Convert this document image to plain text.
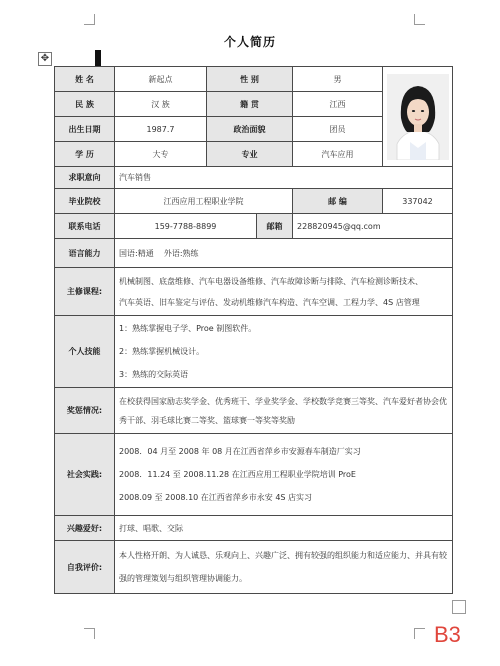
✥
个人简历
姓 名	新起点	性 别		男	

民 族	汉 族	籍 贯		江西	
出生日期	1987.7	政治面貌		团员	
学 历	大专	专业		汽车应用	
求职意向	汽车销售				
毕业院校	江西应用工程职业学院			邮 编	337042
联系电话	159-7788-8899		邮箱	228820945@qq.com	
语言能力	国语:精通    外语:熟练				
主修课程:	机械制图、底盘维修、汽车电器设备维修、汽车故障诊断与排除、汽车检测诊断技术、
汽车英语、旧车鉴定与评估、发动机维修汽车构造、汽车空调、工程力学、4S 店管理				

个人技能	1：熟练掌握电子学、Proe 制图软件。
2：熟练掌握机械设计。
3：熟练的交际英语				

奖惩情况:	在校获得国家励志奖学金、优秀班干、学业奖学金、学校数学竞赛三等奖、汽车爱好者协会优
秀干部、羽毛球比赛二等奖、篮球赛一等奖等奖励				

社会实践:	2008．04 月至 2008 年 08 月在江西省萍乡市安源春车制造厂实习
2008．11.24 至 2008.11.28 在江西应用工程职业学院培训 ProE
2008.09 至 2008.10 在江西省萍乡市永安 4S 店实习				

兴趣爱好:	打球、唱歌、交际				
自我评价:	本人性格开朗、为人诚恳、乐观向上、兴趣广泛、拥有较强的组织能力和适应能力、并具有较
强的管理策划与组织管理协调能力。				
B3
